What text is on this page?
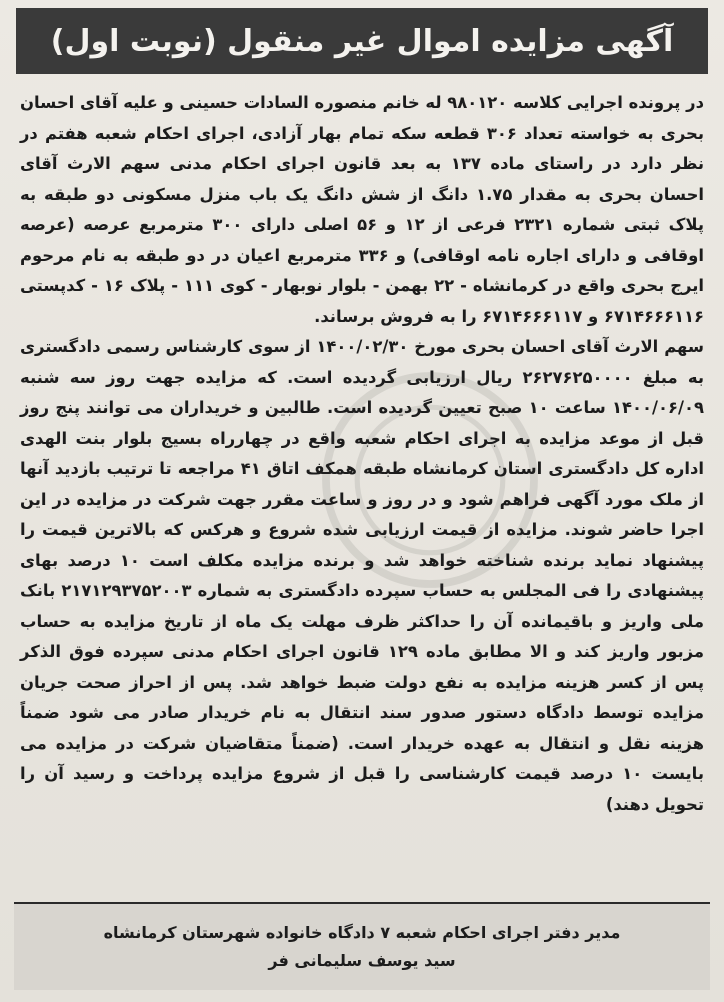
آگهی مزایده اموال غیر منقول (نوبت اول)

در پرونده اجرایی کلاسه ۹۸۰۱۲۰ له خانم منصوره السادات حسینی و علیه آقای احسان بحری به خواسته تعداد ۳۰۶ قطعه سکه تمام بهار آزادی، اجرای احکام شعبه هفتم در نظر دارد در راستای ماده ۱۳۷ به بعد قانون اجرای احکام مدنی سهم الارث آقای احسان بحری به مقدار ۱.۷۵ دانگ از شش دانگ یک باب منزل مسکونی دو طبقه به پلاک ثبتی شماره ۲۳۲۱ فرعی از ۱۲ و ۵۶ اصلی دارای ۳۰۰ مترمربع عرصه (عرصه اوقافی و دارای اجاره نامه اوقافی) و ۳۳۶ مترمربع اعیان در دو طبقه به نام مرحوم ایرج بحری واقع در کرمانشاه - ۲۲ بهمن - بلوار نوبهار - کوی ۱۱۱ - پلاک ۱۶ - کدپستی ۶۷۱۴۶۶۶۱۱۶ و ۶۷۱۴۶۶۶۱۱۷ را به فروش برساند.

سهم الارث آقای احسان بحری مورخ ۱۴۰۰/۰۲/۳۰ از سوی کارشناس رسمی دادگستری به مبلغ ۲۶۲۷۶۲۵۰۰۰۰ ریال ارزیابی گردیده است. که مزایده جهت روز سه شنبه ۱۴۰۰/۰۶/۰۹ ساعت ۱۰ صبح تعیین گردیده است. طالبین و خریداران می توانند پنج روز قبل از موعد مزایده به اجرای احکام شعبه واقع در چهارراه بسیج بلوار بنت الهدی اداره کل دادگستری استان کرمانشاه طبقه همکف اتاق ۴۱ مراجعه تا ترتیب بازدید آنها از ملک مورد آگهی فراهم شود و در روز و ساعت مقرر جهت شرکت در مزایده در این اجرا حاضر شوند. مزایده از قیمت ارزیابی شده شروع و هرکس که بالاترین قیمت را پیشنهاد نماید برنده شناخته خواهد شد و برنده مزایده مکلف است ۱۰ درصد بهای پیشنهادی را فی المجلس به حساب سپرده دادگستری به شماره ۲۱۷۱۲۹۳۷۵۲۰۰۳ بانک ملی واریز و باقیمانده آن را حداکثر ظرف مهلت یک ماه از تاریخ مزایده به حساب مزبور واریز کند و الا مطابق ماده ۱۲۹ قانون اجرای احکام مدنی سپرده فوق الذکر پس از کسر هزینه مزایده به نفع دولت ضبط خواهد شد. پس از احراز صحت جریان مزایده توسط دادگاه دستور صدور سند انتقال به نام خریدار صادر می شود ضمناً هزینه نقل و انتقال به عهده خریدار است. (ضمناً متقاضیان شرکت در مزایده می بایست ۱۰ درصد قیمت کارشناسی را قبل از شروع مزایده پرداخت و رسید آن را تحویل دهند)

مدیر دفتر اجرای احکام شعبه ۷ دادگاه خانواده شهرستان کرمانشاه
سید یوسف سلیمانی فر
